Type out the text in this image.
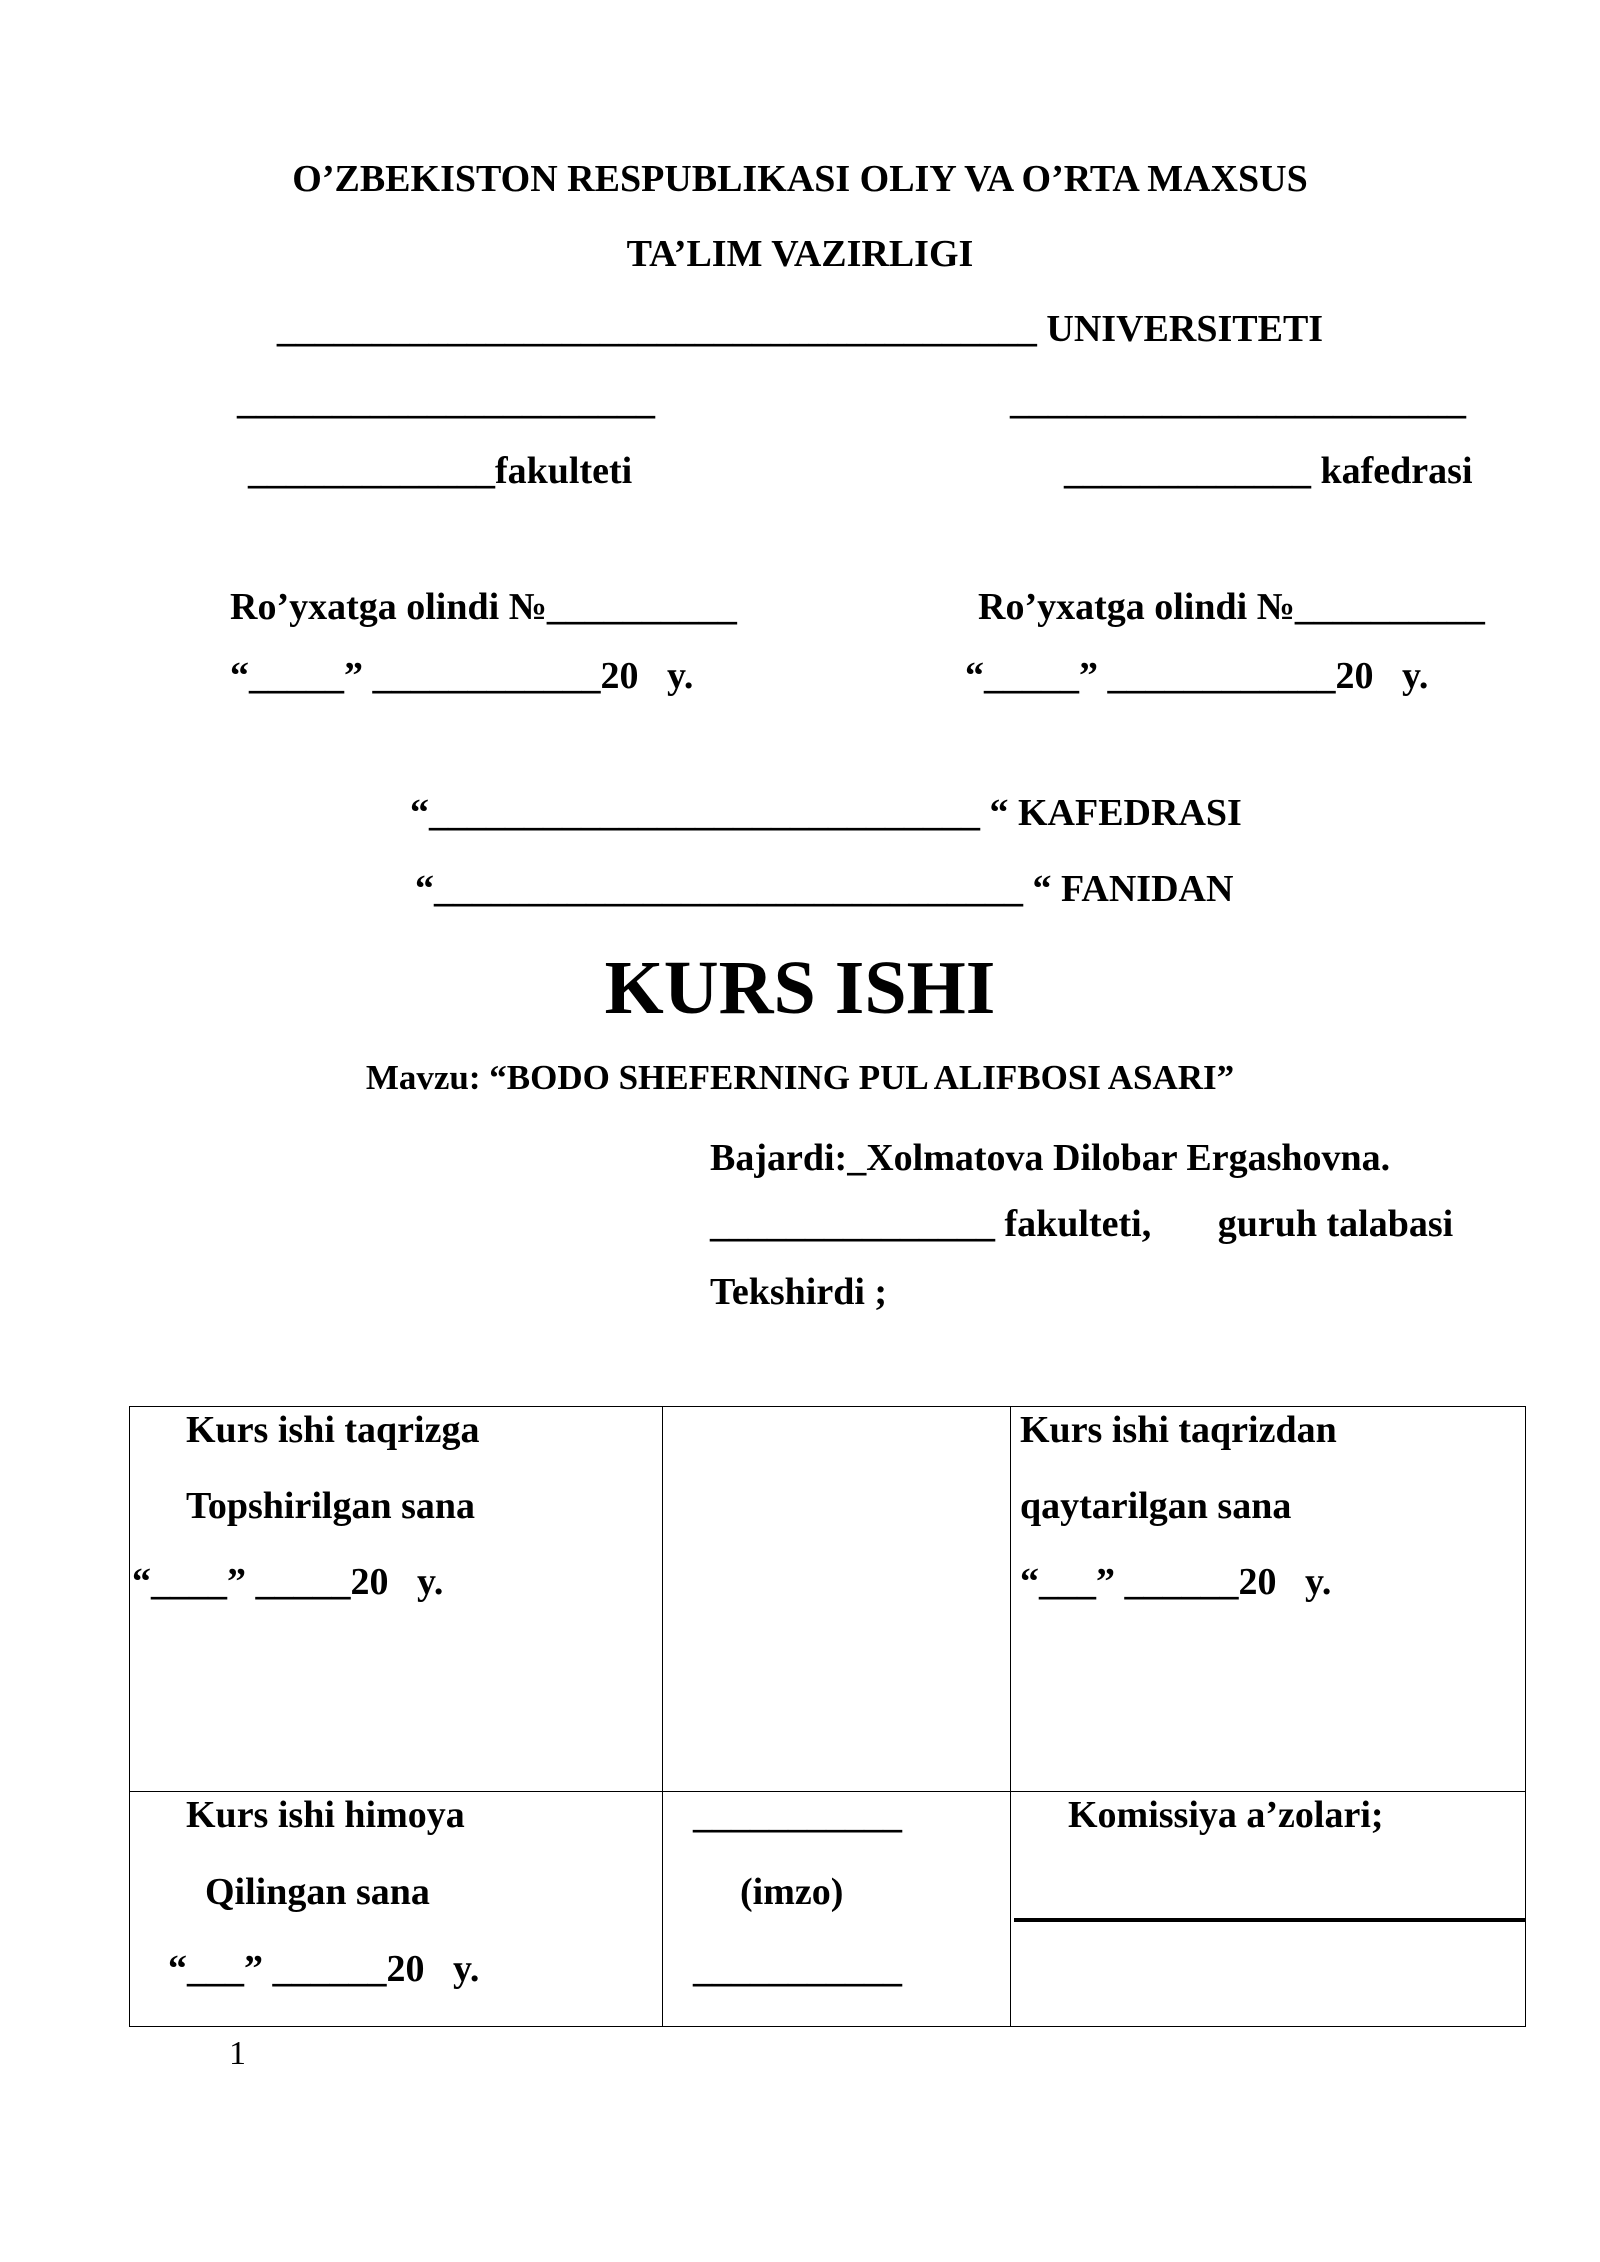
O’ZBEKISTON RESPUBLIKASI OLIY VA O’RTA MAXSUS
TA’LIM VAZIRLIGI
________________________________________ UNIVERSITETI
______________________	________________________
_____________fakulteti	_____________ kafedrasi
Ro’yxatga olindi №__________
“_____” ____________20   y.
Ro’yxatga olindi №__________
“_____” ____________20   y.
“_____________________________ “ KAFEDRASI
“_______________________________ “ FANIDAN
KURS ISHI
Mavzu: “BODO SHEFERNING PUL ALIFBOSI ASARI”
Bajardi:_Xolmatova Dilobar Ergashovna.
_______________ fakulteti,       guruh talabasi
Tekshirdi ;
Kurs ishi taqrizga
Topshirilgan sana
“____” _____20   y.
Kurs ishi taqrizdan
qaytarilgan sana
“___” ______20   y.
Kurs ishi himoya
Qilingan sana
“___” ______20   y.
___________
(imzo)
___________
Komissiya a’zolari;
1
